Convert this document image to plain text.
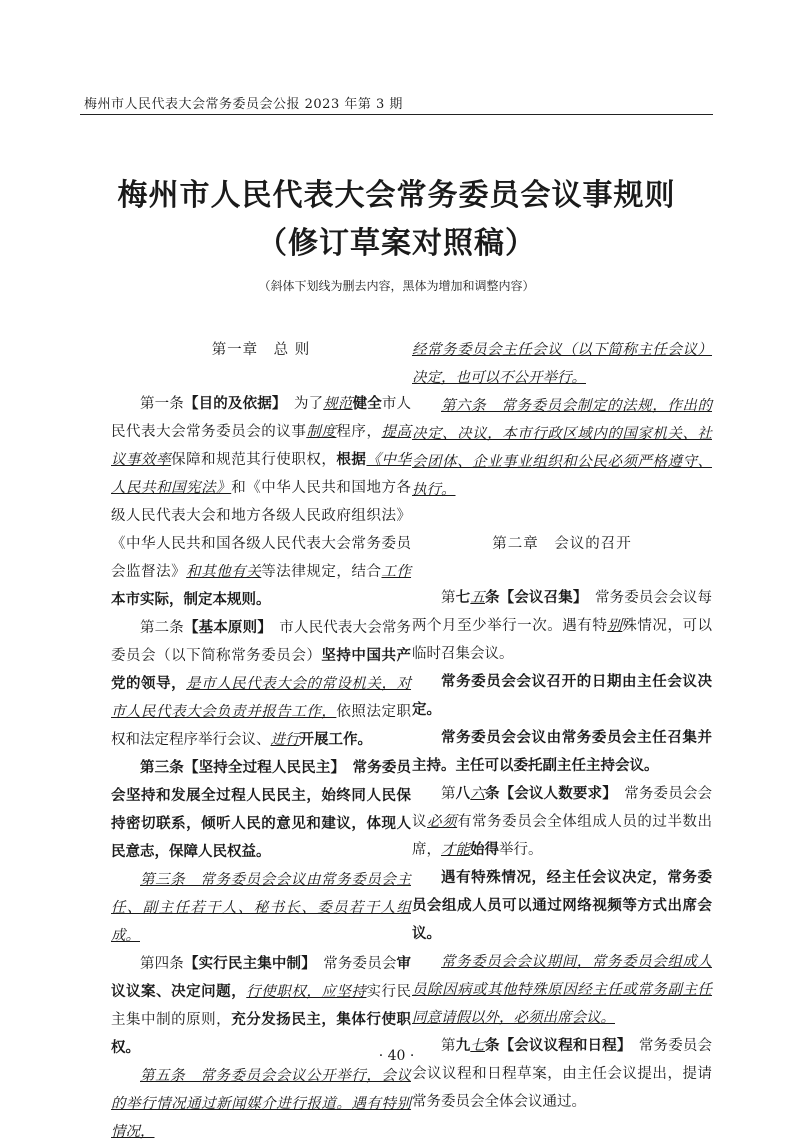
梅州市人民代表大会常务委员会公报 2023 年第 3 期
梅州市人民代表大会常务委员会议事规则
（修订草案对照稿）
（斜体下划线为删去内容，黑体为增加和调整内容）

第一章　总 则

第一条【目的及依据】　为了规范健全市人民代表大会常务委员会的议事制度程序，提高议事效率保障和规范其行使职权，根据《中华人民共和国宪法》和《中华人民共和国地方各级人民代表大会和地方各级人民政府组织法》《中华人民共和国各级人民代表大会常务委员会监督法》和其他有关等法律规定，结合工作本市实际，制定本规则。

第二条【基本原则】　市人民代表大会常务委员会（以下简称常务委员会）坚持中国共产党的领导，是市人民代表大会的常设机关，对市人民代表大会负责并报告工作，依照法定职权和法定程序举行会议、进行开展工作。

第三条【坚持全过程人民民主】　常务委员会坚持和发展全过程人民民主，始终同人民保持密切联系，倾听人民的意见和建议，体现人民意志，保障人民权益。

第三条　常务委员会会议由常务委员会主任、副主任若干人、秘书长、委员若干人组成。

第四条【实行民主集中制】　常务委员会审议议案、决定问题，行使职权，应坚持实行民主集中制的原则，充分发扬民主，集体行使职权。

第五条　常务委员会会议公开举行，会议的举行情况通过新闻媒介进行报道。遇有特别情况，

经常务委员会主任会议（以下简称主任会议）决定，也可以不公开举行。

第六条　常务委员会制定的法规，作出的决定、决议，本市行政区域内的国家机关、社会团体、企业事业组织和公民必须严格遵守、执行。

第二章　会议的召开

第七五条【会议召集】　常务委员会会议每两个月至少举行一次。遇有特别殊情况，可以临时召集会议。

常务委员会会议召开的日期由主任会议决定。

常务委员会会议由常务委员会主任召集并主持。主任可以委托副主任主持会议。

第八六条【会议人数要求】　常务委员会会议必须有常务委员会全体组成人员的过半数出席，才能始得举行。

遇有特殊情况，经主任会议决定，常务委员会组成人员可以通过网络视频等方式出席会议。

常务委员会会议期间，常务委员会组成人员除因病或其他特殊原因经主任或常务副主任同意请假以外，必须出席会议。

第九七条【会议议程和日程】　常务委员会会议议程和日程草案，由主任会议提出，提请常务委员会全体会议通过。

· 40 ·
